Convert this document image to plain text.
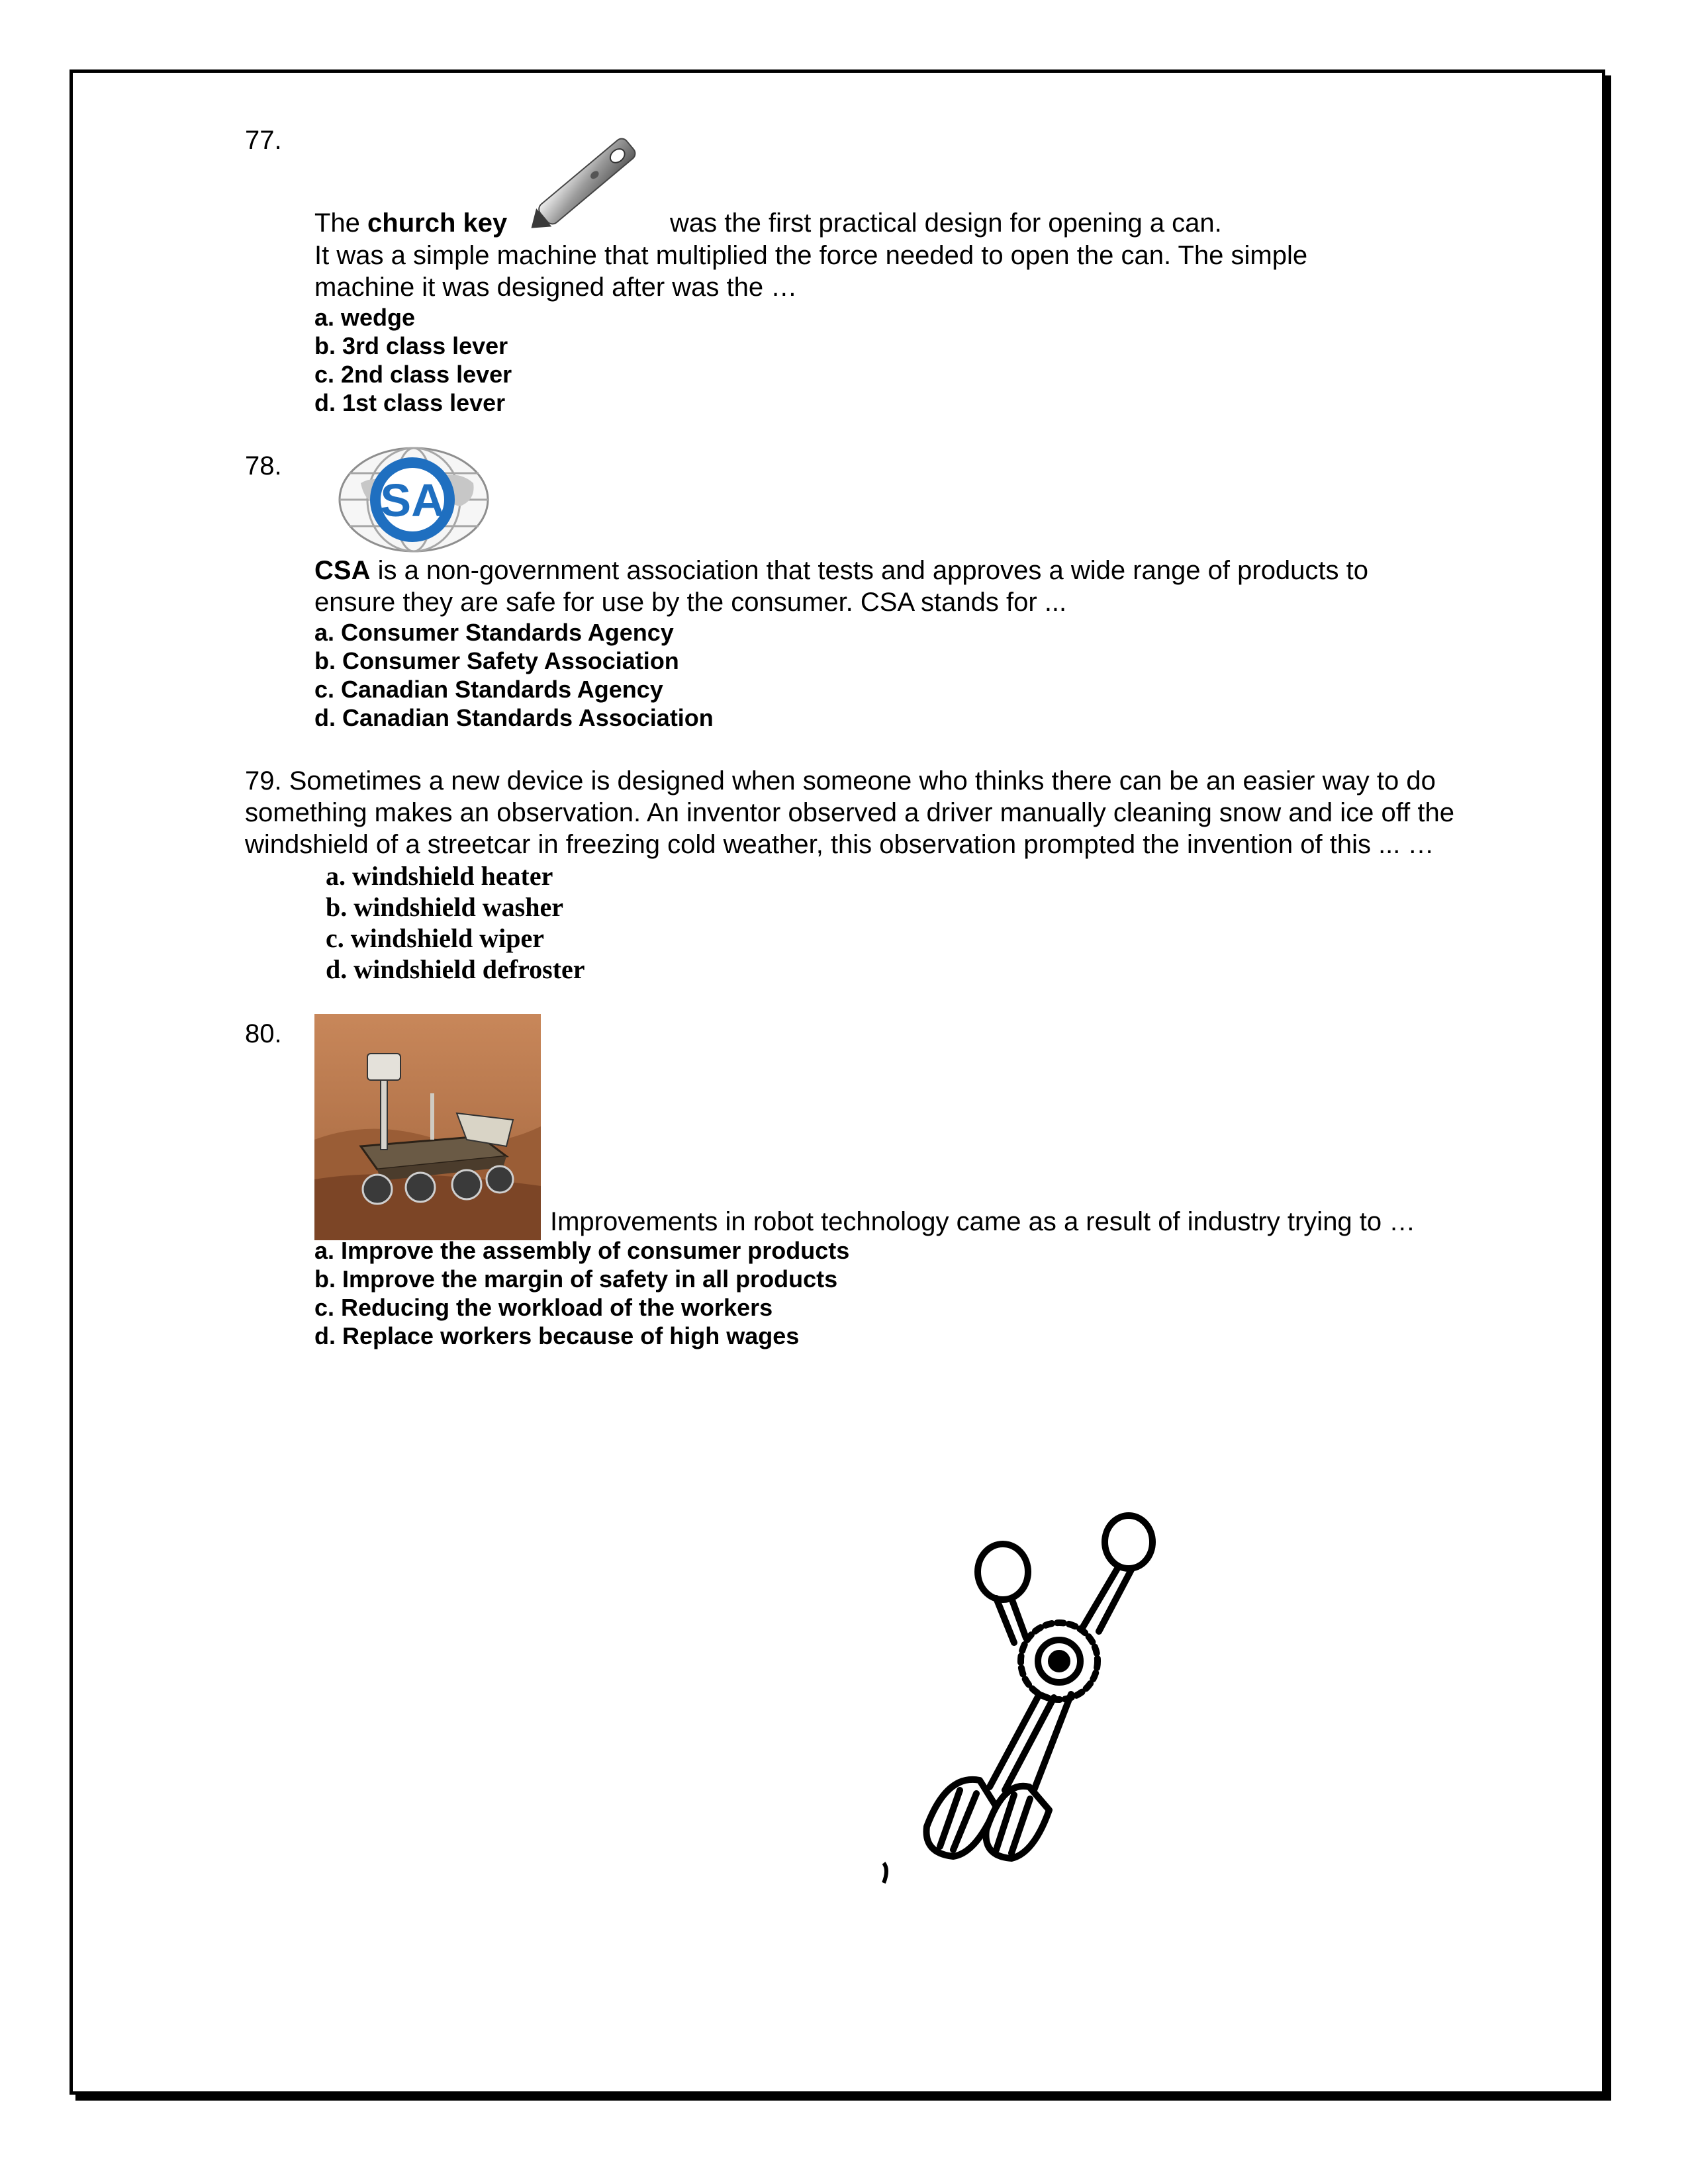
77.
The church key	was the first practical design for opening a can.
It was a simple machine that multiplied the force needed to open the can. The simple
machine it was designed after was the …
a. wedge
b. 3rd class lever
c. 2nd class lever
d. 1st class lever
78.
SA
CSA is a non-government association that tests and approves a wide range of products to
ensure they are safe for use by the consumer. CSA stands for ...
a. Consumer Standards Agency
b. Consumer Safety Association
c. Canadian Standards Agency
d. Canadian Standards Association
79. Sometimes a new device is designed when someone who thinks there can be an easier way to do
something makes an observation. An inventor observed a driver manually cleaning snow and ice off the
windshield of a streetcar in freezing cold weather, this observation prompted the invention of this ... …
a. windshield heater
b. windshield washer
c. windshield wiper
d. windshield defroster
80.
Improvements in robot technology came as a result of industry trying to …
a. Improve the assembly of consumer products
b. Improve the margin of safety in all products
c. Reducing the workload of the workers
d. Replace workers because of high wages
